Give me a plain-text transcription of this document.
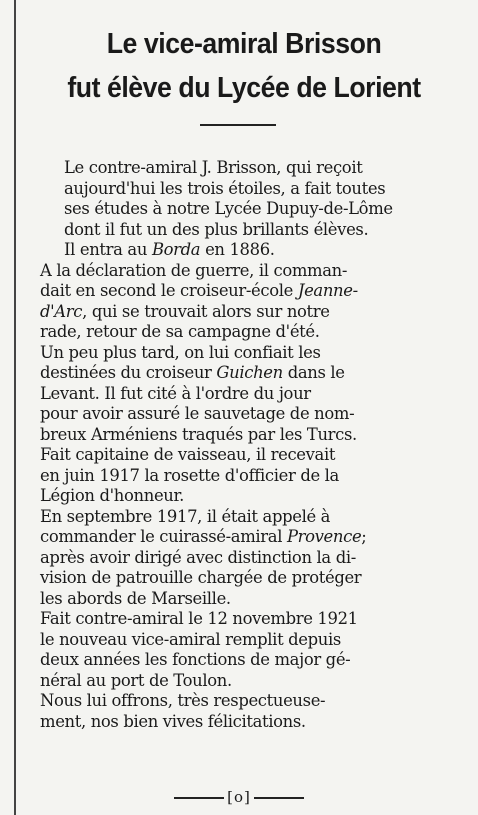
Le vice-amiral Brisson
fut élève du Lycée de Lorient

Le contre-amiral J. Brisson, qui reçoit
aujourd'hui les trois étoiles, a fait toutes
ses études à notre Lycée Dupuy-de-Lôme
dont il fut un des plus brillants élèves.
Il entra au Borda en 1886.

A la déclaration de guerre, il comman-
dait en second le croiseur-école Jeanne-
d'Arc, qui se trouvait alors sur notre
rade, retour de sa campagne d'été.

Un peu plus tard, on lui confiait les
destinées du croiseur Guichen dans le
Levant. Il fut cité à l'ordre du jour
pour avoir assuré le sauvetage de nom-
breux Arméniens traqués par les Turcs.

Fait capitaine de vaisseau, il recevait
en juin 1917 la rosette d'officier de la
Légion d'honneur.

En septembre 1917, il était appelé à
commander le cuirassé-amiral Provence;
après avoir dirigé avec distinction la di-
vision de patrouille chargée de protéger
les abords de Marseille.

Fait contre-amiral le 12 novembre 1921
le nouveau vice-amiral remplit depuis
deux années les fonctions de major gé-
néral au port de Toulon.

Nous lui offrons, très respectueuse-
ment, nos bien vives félicitations.

[o]
